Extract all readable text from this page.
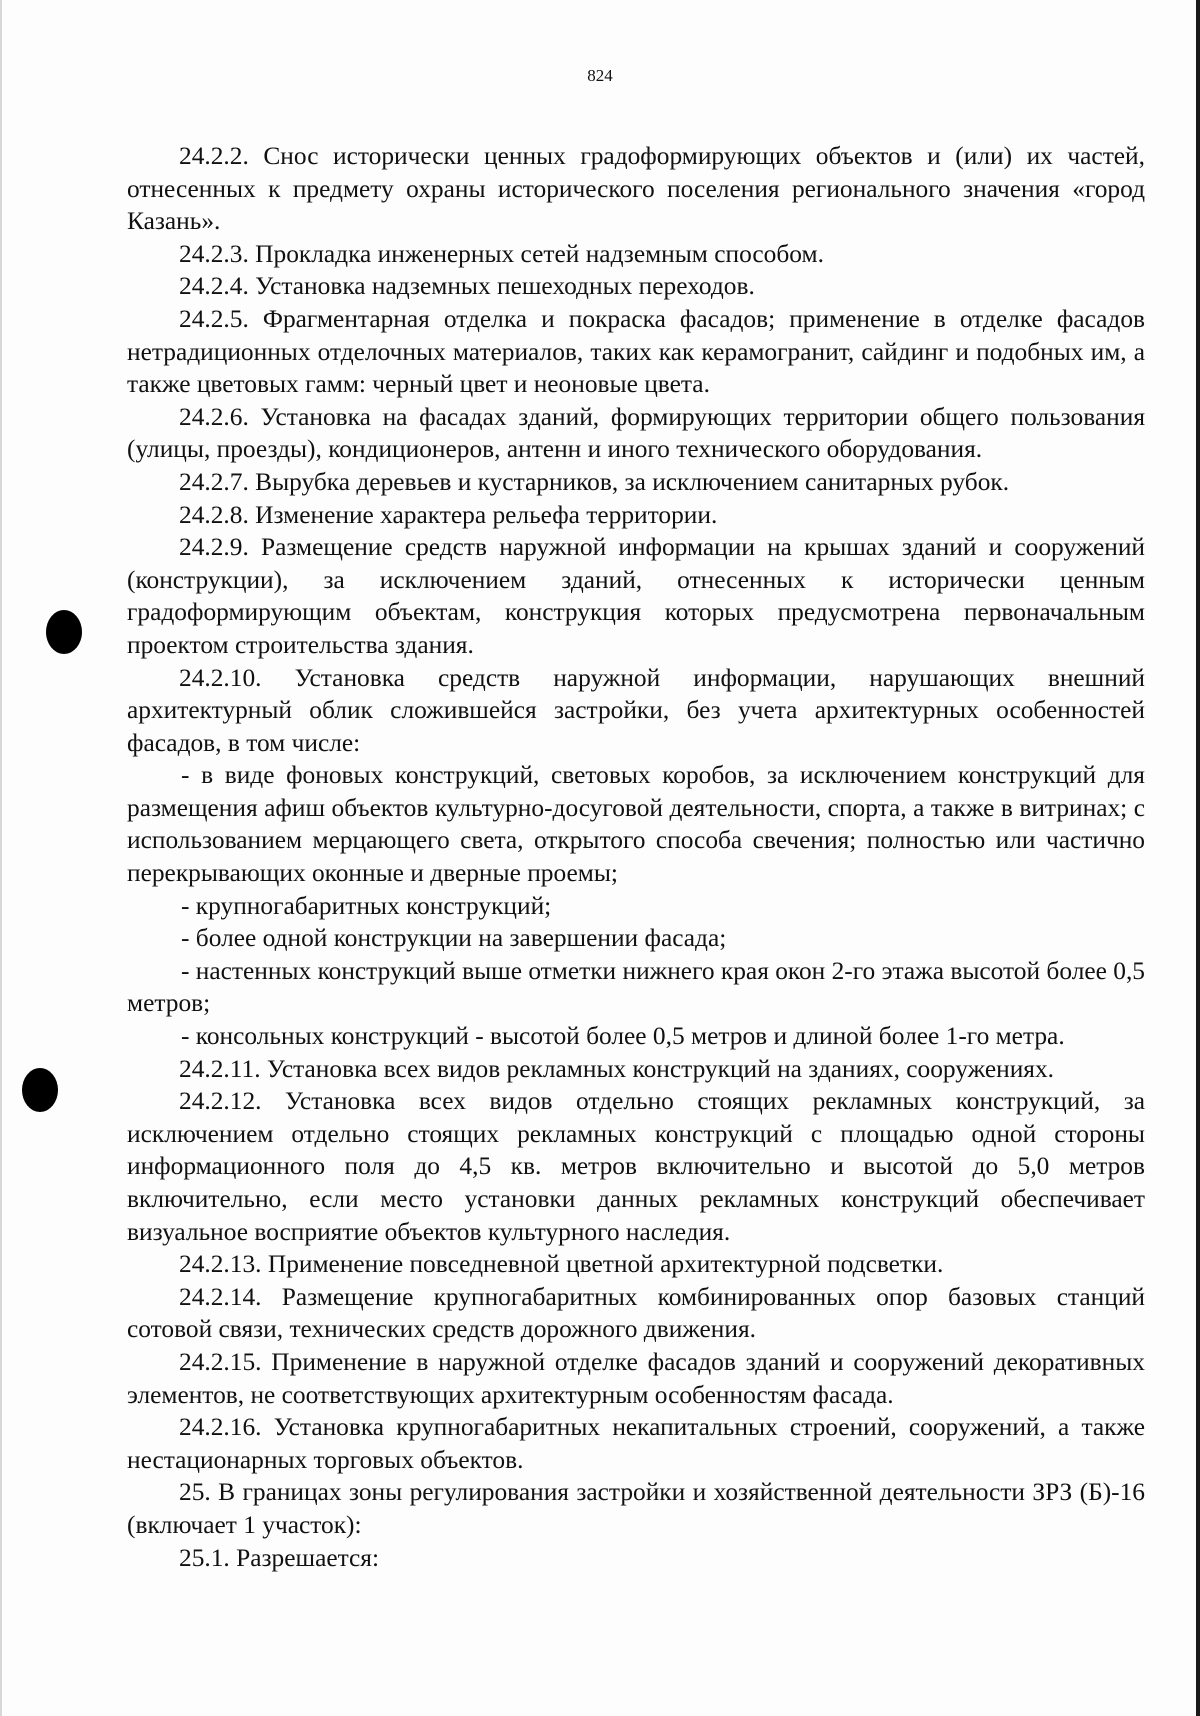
824

24.2.2. Снос исторически ценных градоформирующих объектов и (или) их частей, отнесенных к предмету охраны исторического поселения регионального значения «город Казань».

24.2.3. Прокладка инженерных сетей надземным способом.

24.2.4. Установка надземных пешеходных переходов.

24.2.5. Фрагментарная отделка и покраска фасадов; применение в отделке фасадов нетрадиционных отделочных материалов, таких как керамогранит, сайдинг и подобных им, а также цветовых гамм: черный цвет и неоновые цвета.

24.2.6. Установка на фасадах зданий, формирующих территории общего пользования (улицы, проезды), кондиционеров, антенн и иного технического оборудования.

24.2.7. Вырубка деревьев и кустарников, за исключением санитарных рубок.

24.2.8. Изменение характера рельефа территории.

24.2.9. Размещение средств наружной информации на крышах зданий и сооружений (конструкции), за исключением зданий, отнесенных к исторически ценным градоформирующим объектам, конструкция которых предусмотрена первоначальным проектом строительства здания.

24.2.10. Установка средств наружной информации, нарушающих внешний архитектурный облик сложившейся застройки, без учета архитектурных особенностей фасадов, в том числе:

- в виде фоновых конструкций, световых коробов, за исключением конструкций для размещения афиш объектов культурно-досуговой деятельности, спорта, а также в витринах; с использованием мерцающего света, открытого способа свечения; полностью или частично перекрывающих оконные и дверные проемы;

- крупногабаритных конструкций;

- более одной конструкции на завершении фасада;

- настенных конструкций выше отметки нижнего края окон 2-го этажа высотой более 0,5 метров;

- консольных конструкций - высотой более 0,5 метров и длиной более 1-го метра.

24.2.11. Установка всех видов рекламных конструкций на зданиях, сооружениях.

24.2.12. Установка всех видов отдельно стоящих рекламных конструкций, за исключением отдельно стоящих рекламных конструкций с площадью одной стороны информационного поля до 4,5 кв. метров включительно и высотой до 5,0 метров включительно, если место установки данных рекламных конструкций обеспечивает визуальное восприятие объектов культурного наследия.

24.2.13. Применение повседневной цветной архитектурной подсветки.

24.2.14. Размещение крупногабаритных комбинированных опор базовых станций сотовой связи, технических средств дорожного движения.

24.2.15. Применение в наружной отделке фасадов зданий и сооружений декоративных элементов, не соответствующих архитектурным особенностям фасада.

24.2.16. Установка крупногабаритных некапитальных строений, сооружений, а также нестационарных торговых объектов.

25. В границах зоны регулирования застройки и хозяйственной деятельности ЗРЗ (Б)-16 (включает 1 участок):

25.1. Разрешается:
